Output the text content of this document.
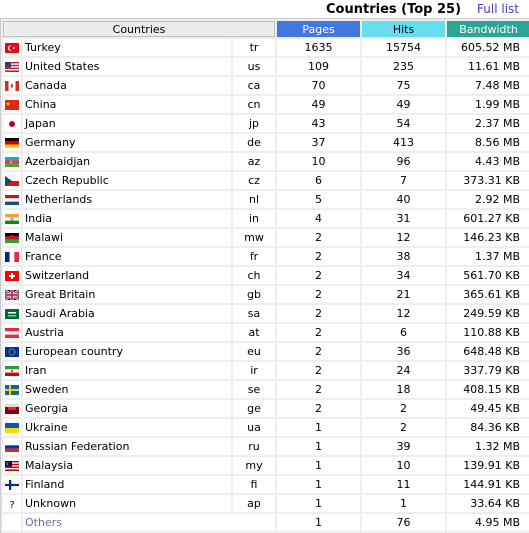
Countries (Top 25) Full list
Countries			Pages	Hits	Bandwidth
	Turkey	tr	1635	15754	605.52 MB
	United States	us	109	235	11.61 MB
	Canada	ca	70	75	7.48 MB
	China	cn	49	49	1.99 MB
	Japan	jp	43	54	2.37 MB
	Germany	de	37	413	8.56 MB
	Azerbaidjan	az	10	96	4.43 MB
	Czech Republic	cz	6	7	373.31 KB
	Netherlands	nl	5	40	2.92 MB
	India	in	4	31	601.27 KB
	Malawi	mw	2	12	146.23 KB
	France	fr	2	38	1.37 MB
	Switzerland	ch	2	34	561.70 KB
	Great Britain	gb	2	21	365.61 KB
	Saudi Arabia	sa	2	12	249.59 KB
	Austria	at	2	6	110.88 KB
	European country	eu	2	36	648.48 KB
	Iran	ir	2	24	337.79 KB
	Sweden	se	2	18	408.15 KB
	Georgia	ge	2	2	49.45 KB
	Ukraine	ua	1	2	84.36 KB
	Russian Federation	ru	1	39	1.32 MB
	Malaysia	my	1	10	139.91 KB
	Finland	fi	1	11	144.91 KB

?	Unknown	ap	1	1	33.64 KB
	Others		1	76	4.95 MB
